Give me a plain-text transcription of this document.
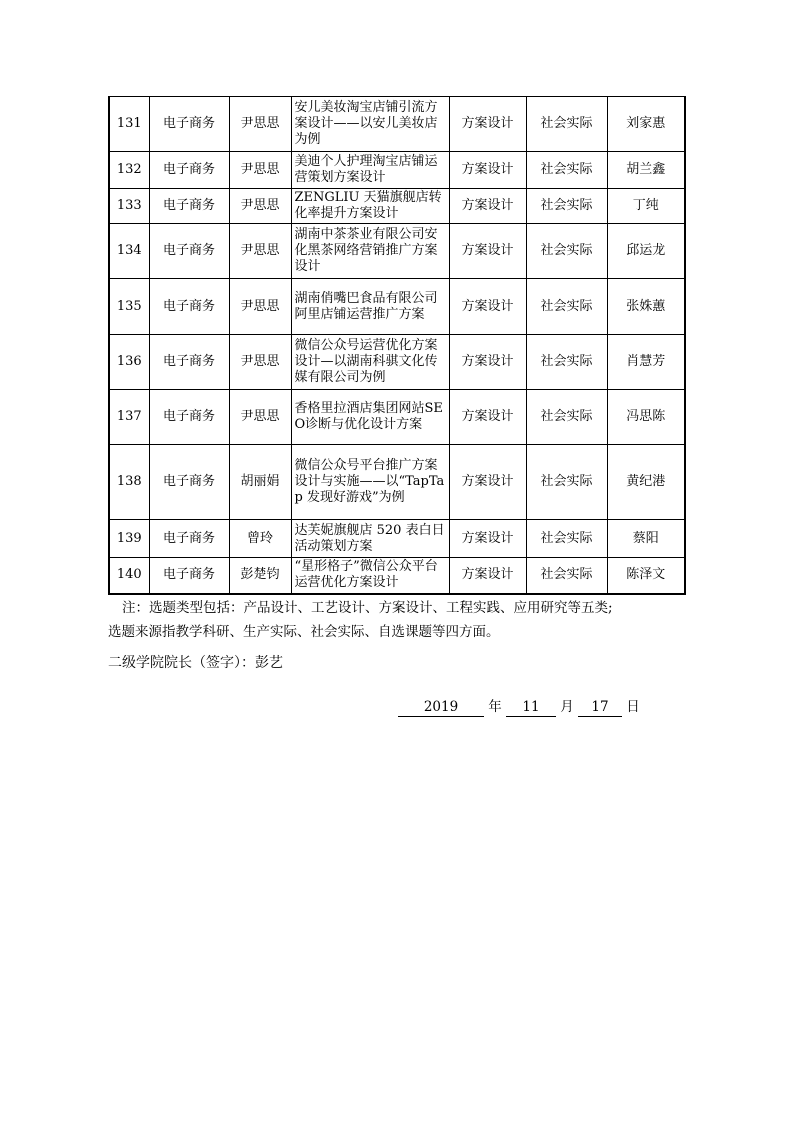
131	电子商务	尹思思	安儿美妆淘宝店铺引流方案设计——以安儿美妆店为例	方案设计	社会实际	刘家惠
132	电子商务	尹思思	美迪个人护理淘宝店铺运营策划方案设计	方案设计	社会实际	胡兰鑫
133	电子商务	尹思思	ZENGLIU 天猫旗舰店转化率提升方案设计	方案设计	社会实际	丁纯
134	电子商务	尹思思	湖南中茶茶业有限公司安化黑茶网络营销推广方案设计	方案设计	社会实际	邱运龙
135	电子商务	尹思思	湖南俏嘴巴食品有限公司阿里店铺运营推广方案	方案设计	社会实际	张姝蕙
136	电子商务	尹思思	微信公众号运营优化方案设计—以湖南科骐文化传媒有限公司为例	方案设计	社会实际	肖慧芳
137	电子商务	尹思思	香格里拉酒店集团网站SEO诊断与优化设计方案	方案设计	社会实际	冯思陈
138	电子商务	胡丽娟	微信公众号平台推广方案设计与实施——以“TapTap 发现好游戏”为例	方案设计	社会实际	黄纪港
139	电子商务	曾玲	达芙妮旗舰店 520 表白日活动策划方案	方案设计	社会实际	蔡阳
140	电子商务	彭楚钧	“星形格子”微信公众平台运营优化方案设计	方案设计	社会实际	陈泽文
注：选题类型包括：产品设计、工艺设计、方案设计、工程实践、应用研究等五类;
选题来源指教学科研、生产实际、社会实际、自选课题等四方面。
二级学院院长（签字）：彭艺
2019 年 11 月 17 日
